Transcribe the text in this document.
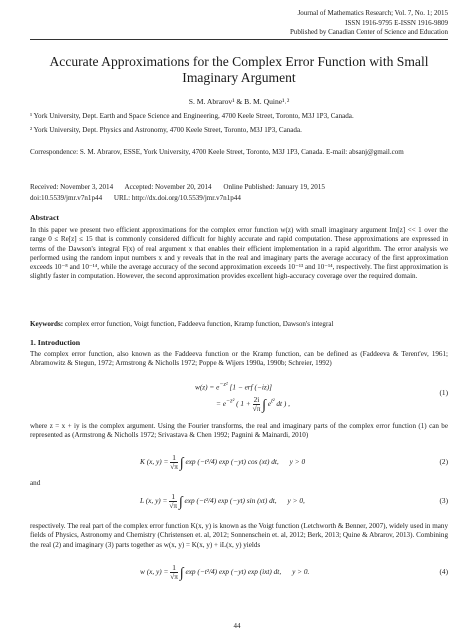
Journal of Mathematics Research; Vol. 7, No. 1; 2015
ISSN 1916-9795 E-ISSN 1916-9809
Published by Canadian Center of Science and Education
Accurate Approximations for the Complex Error Function with Small Imaginary Argument
S. M. Abrarov¹ & B. M. Quine¹˒²
¹ York University, Dept. Earth and Space Science and Engineering, 4700 Keele Street, Toronto, M3J 1P3, Canada.
² York University, Dept. Physics and Astronomy, 4700 Keele Street, Toronto, M3J 1P3, Canada.
Correspondence: S. M. Abrarov, ESSE, York University, 4700 Keele Street, Toronto, M3J 1P3, Canada. E-mail: absanj@gmail.com
Received: November 3, 2014 Accepted: November 20, 2014 Online Published: January 19, 2015
doi:10.5539/jmr.v7n1p44 URL: http://dx.doi.org/10.5539/jmr.v7n1p44
Abstract
In this paper we present two efficient approximations for the complex error function w(z) with small imaginary argument Im[z] << 1 over the range 0 ≤ Re[z] ≤ 15 that is commonly considered difficult for highly accurate and rapid computation. These approximations are expressed in terms of the Dawson's integral F(x) of real argument x that enables their efficient implementation in a rapid algorithm. The error analysis we performed using the random input numbers x and y reveals that in the real and imaginary parts the average accuracy of the first approximation exceeds 10⁻⁸ and 10⁻¹⁴, while the average accuracy of the second approximation exceeds 10⁻¹³ and 10⁻¹⁴, respectively. The first approximation is slightly faster in computation. However, the second approximation provides excellent high-accuracy coverage over the required domain.
Keywords: complex error function, Voigt function, Faddeeva function, Kramp function, Dawson's integral
1. Introduction
The complex error function, also known as the Faddeeva function or the Kramp function, can be defined as (Faddeeva & Terent'ev, 1961; Abramowitz & Stegun, 1972; Armstrong & Nicholls 1972; Poppe & Wijers 1990a, 1990b; Schreier, 1992)
$w(z) = e^{-z^2}$ [1 − erf (−iz)]
= $e^{-z^2}$ ( $1 + \frac{2i}{√\pi}$ ∫ $e^{t^2}$ dt ) ,
(1)
where z = x + iy is the complex argument. Using the Fourier transforms, the real and imaginary parts of the complex error function (1) can be represented as (Armstrong & Nicholls 1972; Srivastava & Chen 1992; Pagnini & Mainardi, 2010)
K (x, $y) = \frac{1}{√\pi}$ ∫ exp (−t²/4) exp (−yt) cos (xt) dt,      y > 0	(2)
and
L (x, $y) = \frac{1}{√\pi}$ ∫ exp (−t²/4) exp (−yt) sin (xt) dt,      y > 0,	(3)
respectively. The real part of the complex error function K(x, y) is known as the Voigt function (Letchworth & Benner, 2007), widely used in many fields of Physics, Astronomy and Chemistry (Christensen et. al, 2012; Sonnenschein et. al, 2012; Berk, 2013; Quine & Abrarov, 2013). Combining the real (2) and imaginary (3) parts together as w(x, y) = K(x, y) + iL(x, y) yields
w (x, $y) = \frac{1}{√\pi}$ ∫ exp (−t²/4) exp (−yt) exp (ixt) dt,      y > 0.	(4)
44
